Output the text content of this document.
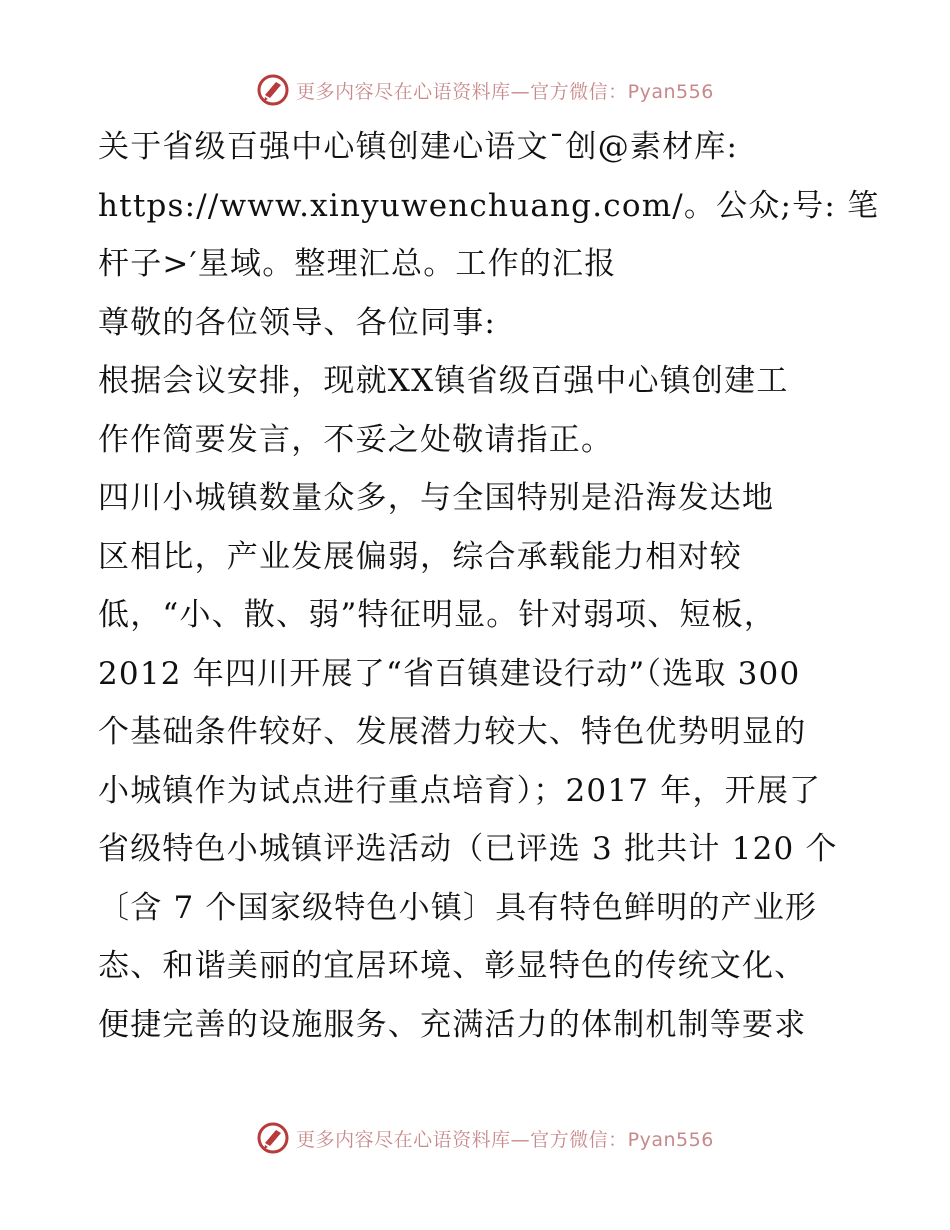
更多内容尽在心语资料库—官方微信：Pyan556

关于省级百强中心镇创建心语文¯创@素材库:
https://www.xinyuwenchuang.com/。公众;号: 笔
杆子>′星域。整理汇总。工作的汇报

尊敬的各位领导、各位同事:

根据会议安排，现就XX镇省级百强中心镇创建工
作作简要发言，不妥之处敬请指正。

四川小城镇数量众多，与全国特别是沿海发达地
区相比，产业发展偏弱，综合承载能力相对较
低，“小、散、弱”特征明显。针对弱项、短板，
2012 年四川开展了“省百镇建设行动”（选取 300
个基础条件较好、发展潜力较大、特色优势明显的
小城镇作为试点进行重点培育）；2017 年，开展了
省级特色小城镇评选活动（已评选 3 批共计 120 个
〔含 7 个国家级特色小镇〕具有特色鲜明的产业形
态、和谐美丽的宜居环境、彰显特色的传统文化、
便捷完善的设施服务、充满活力的体制机制等要求

更多内容尽在心语资料库—官方微信：Pyan556
